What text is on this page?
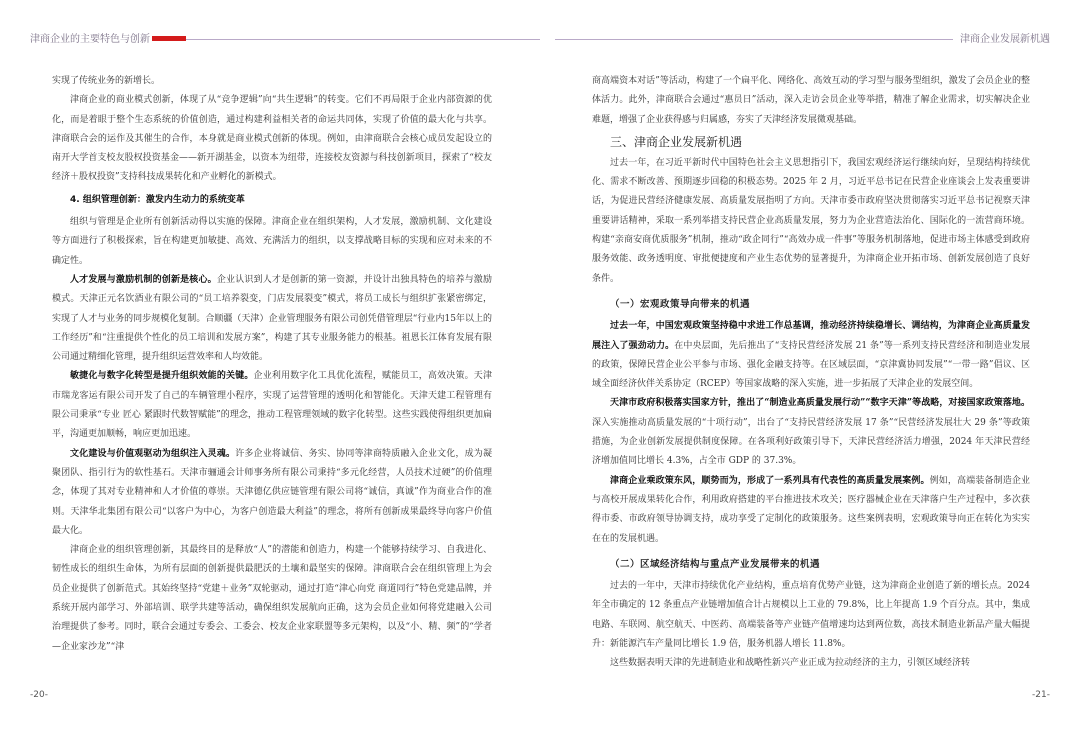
津商企业的主要特色与创新	津商企业发展新机遇

实现了传统业务的新增长。

津商企业的商业模式创新，体现了从“竞争逻辑”向“共生逻辑”的转变。它们不再局限于企业内部资源的优化，而是着眼于整个生态系统的价值创造，通过构建利益相关者的命运共同体，实现了价值的最大化与共享。津商联合会的运作及其催生的合作，本身就是商业模式创新的体现。例如，由津商联合会核心成员发起设立的南开大学首支校友股权投资基金——新开湖基金，以资本为纽带，连接校友资源与科技创新项目，探索了“校友经济＋股权投资”支持科技成果转化和产业孵化的新模式。

4. 组织管理创新：激发内生动力的系统变革

组织与管理是企业所有创新活动得以实施的保障。津商企业在组织架构，人才发展，激励机制、文化建设等方面进行了积极探索，旨在构建更加敏捷、高效、充满活力的组织，以支撑战略目标的实现和应对未来的不确定性。

人才发展与激励机制的创新是核心。企业认识到人才是创新的第一资源，并设计出独具特色的培养与激励模式。天津正元名饮酒业有限公司的“员工培养裂变，门店发展裂变”模式，将员工成长与组织扩张紧密绑定，实现了人才与业务的同步规模化复制。合顺疆（天津）企业管理服务有限公司创凭借管理层“行业内15年以上的工作经历”和“注重提供个性化的员工培训和发展方案”，构建了其专业服务能力的根基。祖恩长江体育发展有限公司通过精细化管理，提升组织运营效率和人均效能。

敏捷化与数字化转型是提升组织效能的关键。企业利用数字化工具优化流程，赋能员工，高效决策。天津市瑞龙客运有限公司开发了自己的车辆管理小程序，实现了运营管理的透明化和智能化。天津天建工程管理有限公司秉承“专业 匠心 紧跟时代数智赋能”的理念，推动工程管理领域的数字化转型。这些实践使得组织更加扁平，沟通更加顺畅，响应更加迅速。

文化建设与价值观驱动为组织注入灵魂。许多企业将诚信、务实、协同等津商特质融入企业文化，成为凝聚团队、指引行为的软性基石。天津市骊通会计师事务所有限公司秉持“多元化经营，人员技术过硬”的价值理念，体现了其对专业精神和人才价值的尊崇。天津德亿供应链管理有限公司将“诚信，真诚”作为商业合作的准则。天津华北集团有限公司“以客户为中心，为客户创造最大利益”的理念，将所有创新成果最终导向客户价值最大化。

津商企业的组织管理创新，其最终目的是释放“人”的潜能和创造力，构建一个能够持续学习、自我进化、韧性成长的组织生命体，为所有层面的创新提供最肥沃的土壤和最坚实的保障。津商联合会在组织管理上为会员企业提供了创新范式。其始终坚持“党建＋业务”双轮驱动，通过打造“津心向党 商道同行”特色党建品牌，并系统开展内部学习、外部培训、联学共建等活动，确保组织发展航向正确，这为会员企业如何将党建融入公司治理提供了参考。同时，联合会通过专委会、工委会、校友企业家联盟等多元架构，以及“小、精、频”的“学者—企业家沙龙”“津

商高端资本对话”等活动，构建了一个扁平化、网络化、高效互动的学习型与服务型组织，激发了会员企业的整体活力。此外，津商联合会通过“惠员日”活动，深入走访会员企业等举措，精准了解企业需求，切实解决企业难题，增强了企业获得感与归属感，夯实了天津经济发展微观基础。

三、津商企业发展新机遇

过去一年，在习近平新时代中国特色社会主义思想指引下，我国宏观经济运行继续向好，呈现结构持续优化、需求不断改善、预期逐步回稳的积极态势。2025 年 2 月，习近平总书记在民营企业座谈会上发表重要讲话，为促进民营经济健康发展、高质量发展指明了方向。天津市委市政府坚决贯彻落实习近平总书记视察天津重要讲话精神，采取一系列举措支持民营企业高质量发展，努力为企业营造法治化、国际化的一流营商环境。构建“亲商安商优质服务”机制，推动“政企同行”“高效办成一件事”等服务机制落地，促进市场主体感受到政府服务效能、政务透明度、审批便捷度和产业生态优势的显著提升，为津商企业开拓市场、创新发展创造了良好条件。

（一）宏观政策导向带来的机遇

过去一年，中国宏观政策坚持稳中求进工作总基调，推动经济持续稳增长、调结构，为津商企业高质量发展注入了强劲动力。在中央层面，先后推出了“支持民营经济发展 21 条”等一系列支持民营经济和制造业发展的政策，保障民营企业公平参与市场、强化金融支持等。在区域层面，“京津冀协同发展”“一带一路”倡议、区域全面经济伙伴关系协定（RCEP）等国家战略的深入实施，进一步拓展了天津企业的发展空间。

天津市政府积极落实国家方针，推出了“制造业高质量发展行动”“数字天津”等战略，对接国家政策落地。深入实施推动高质量发展的“十项行动”，出台了“支持民营经济发展 17 条”“民营经济发展壮大 29 条”等政策措施，为企业创新发展提供制度保障。在各项利好政策引导下，天津民营经济活力增强，2024 年天津民营经济增加值同比增长 4.3%，占全市 GDP 的 37.3%。

津商企业乘政策东风，顺势而为，形成了一系列具有代表性的高质量发展案例。例如，高端装备制造企业与高校开展成果转化合作，利用政府搭建的平台推进技术攻关；医疗器械企业在天津落户生产过程中，多次获得市委、市政府领导协调支持，成功享受了定制化的政策服务。这些案例表明，宏观政策导向正在转化为实实在在的发展机遇。

（二）区域经济结构与重点产业发展带来的机遇

过去的一年中，天津市持续优化产业结构，重点培育优势产业链，这为津商企业创造了新的增长点。2024 年全市确定的 12 条重点产业链增加值合计占规模以上工业的 79.8%，比上年提高 1.9 个百分点。其中，集成电路、车联网、航空航天、中医药、高端装备等产业链产值增速均达到两位数，高技术制造业新品产量大幅提升：新能源汽车产量同比增长 1.9 倍，服务机器人增长 11.8%。

这些数据表明天津的先进制造业和战略性新兴产业正成为拉动经济的主力，引领区域经济转

-20-	-21-
